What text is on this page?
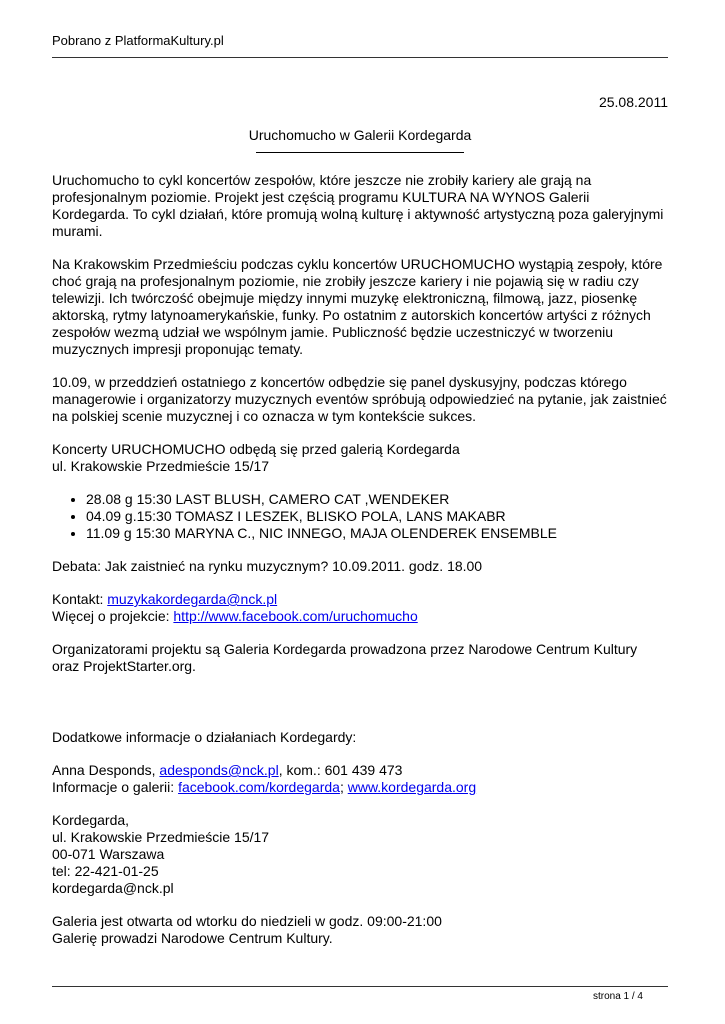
Pobrano z PlatformaKultury.pl
25.08.2011
Uruchomucho w Galerii Kordegarda

Uruchomucho to cykl koncertów zespołów, które jeszcze nie zrobiły kariery ale grają na profesjonalnym poziomie. Projekt jest częścią programu KULTURA NA WYNOS Galerii Kordegarda. To cykl działań, które promują wolną kulturę i aktywność artystyczną poza galeryjnymi murami.

Na Krakowskim Przedmieściu podczas cyklu koncertów URUCHOMUCHO wystąpią zespoły, które choć grają na profesjonalnym poziomie, nie zrobiły jeszcze kariery i nie pojawią się w radiu czy telewizji. Ich twórczość obejmuje między innymi muzykę elektroniczną, filmową, jazz, piosenkę aktorską, rytmy latynoamerykańskie, funky. Po ostatnim z autorskich koncertów artyści z różnych zespołów wezmą udział we wspólnym jamie. Publiczność będzie uczestniczyć w tworzeniu muzycznych impresji proponując tematy.

10.09, w przeddzień ostatniego z koncertów odbędzie się panel dyskusyjny, podczas którego managerowie i organizatorzy muzycznych eventów spróbują odpowiedzieć na pytanie, jak zaistnieć na polskiej scenie muzycznej i co oznacza w tym kontekście sukces.

Koncerty URUCHOMUCHO odbędą się przed galerią Kordegarda
ul. Krakowskie Przedmieście 15/17

• 28.08 g 15:30 LAST BLUSH, CAMERO CAT ,WENDEKER
• 04.09 g.15:30 TOMASZ I LESZEK, BLISKO POLA, LANS MAKABR
• 11.09 g 15:30 MARYNA C., NIC INNEGO, MAJA OLENDEREK ENSEMBLE

Debata: Jak zaistnieć na rynku muzycznym? 10.09.2011. godz. 18.00

Kontakt: muzykakordegarda@nck.pl
Więcej o projekcie: http://www.facebook.com/uruchomucho

Organizatorami projektu są Galeria Kordegarda prowadzona przez Narodowe Centrum Kultury oraz ProjektStarter.org.

Dodatkowe informacje o działaniach Kordegardy:

Anna Desponds, adesponds@nck.pl, kom.: 601 439 473
Informacje o galerii: facebook.com/kordegarda; www.kordegarda.org

Kordegarda,
ul. Krakowskie Przedmieście 15/17
00-071 Warszawa
tel: 22-421-01-25
kordegarda@nck.pl

Galeria jest otwarta od wtorku do niedzieli w godz. 09:00-21:00
Galerię prowadzi Narodowe Centrum Kultury.

strona 1 / 4
